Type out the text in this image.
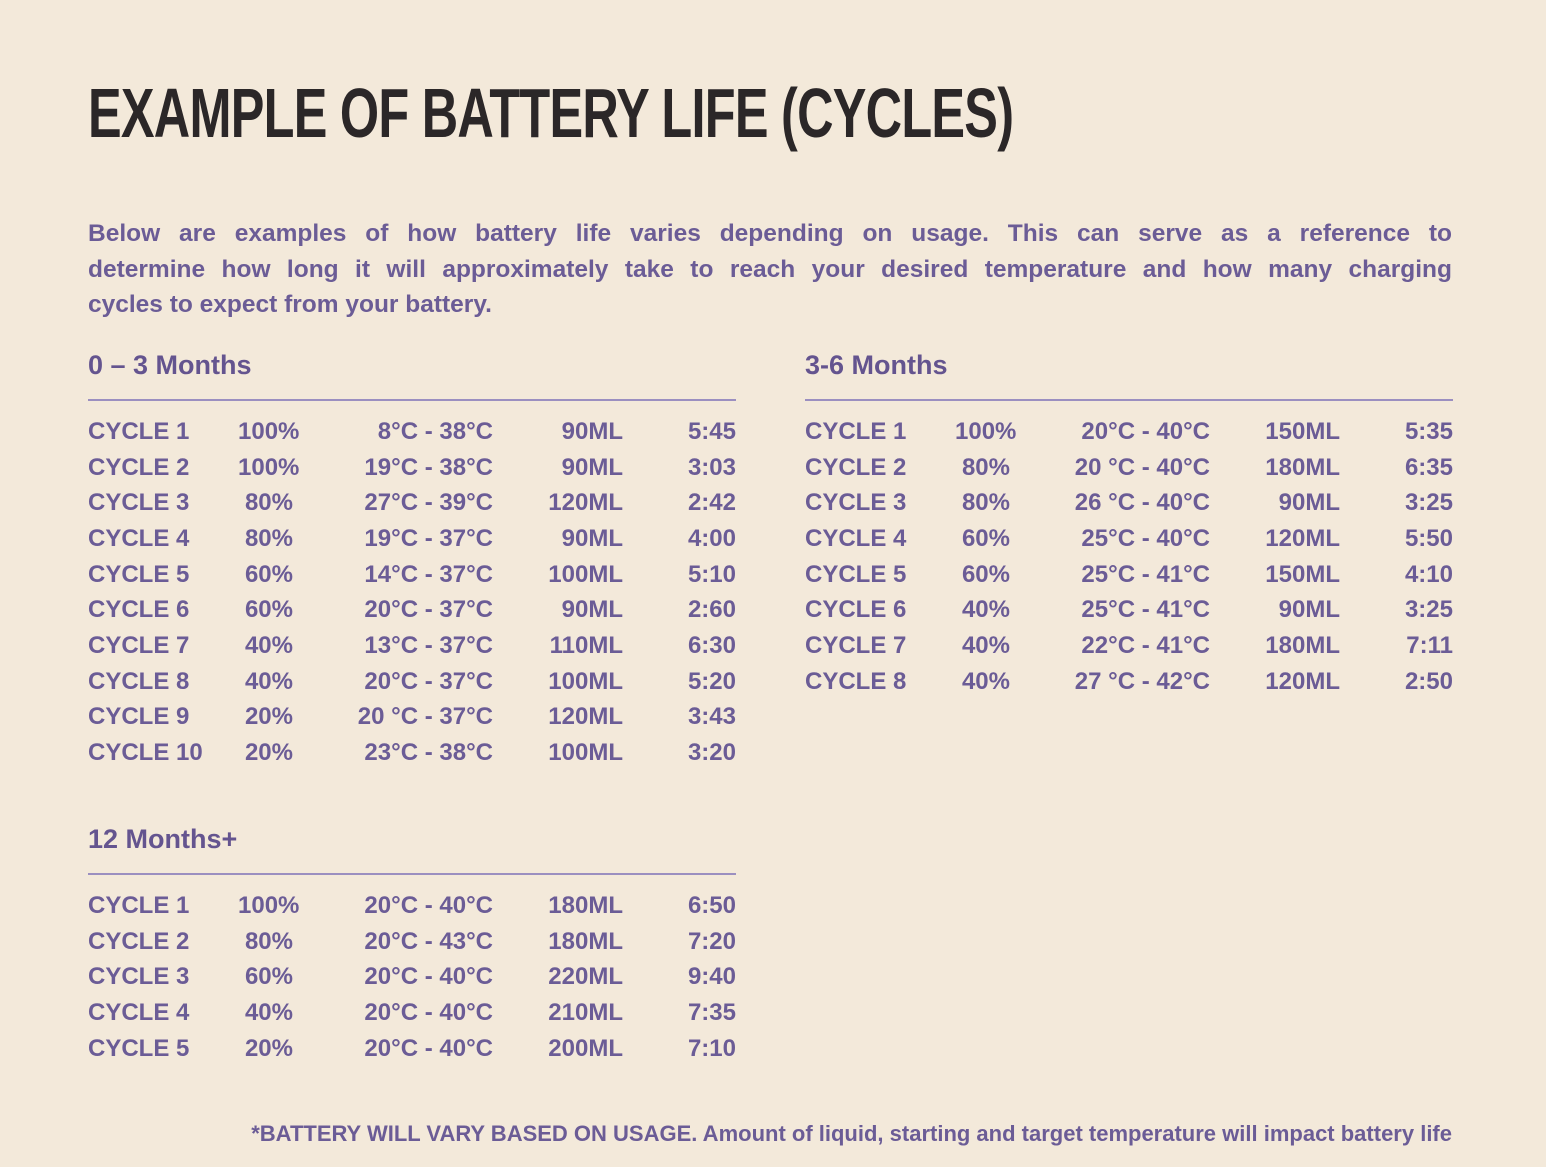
EXAMPLE OF BATTERY LIFE (CYCLES)
Below are examples of how battery life varies depending on usage. This can serve as a reference to
determine how long it will approximately take to reach your desired temperature and how many charging
cycles to expect from your battery.
0 – 3 Months
CYCLE 1	100%	8°C - 38°C	90ML	5:45
CYCLE 2	100%	19°C - 38°C	90ML	3:03
CYCLE 3	80%	27°C - 39°C	120ML	2:42
CYCLE 4	80%	19°C - 37°C	90ML	4:00
CYCLE 5	60%	14°C - 37°C	100ML	5:10
CYCLE 6	60%	20°C - 37°C	90ML	2:60
CYCLE 7	40%	13°C - 37°C	110ML	6:30
CYCLE 8	40%	20°C - 37°C	100ML	5:20
CYCLE 9	20%	20 °C - 37°C	120ML	3:43
CYCLE 10	20%	23°C - 38°C	100ML	3:20
3-6 Months
CYCLE 1	100%	20°C - 40°C	150ML	5:35
CYCLE 2	80%	20 °C - 40°C	180ML	6:35
CYCLE 3	80%	26 °C - 40°C	90ML	3:25
CYCLE 4	60%	25°C - 40°C	120ML	5:50
CYCLE 5	60%	25°C - 41°C	150ML	4:10
CYCLE 6	40%	25°C - 41°C	90ML	3:25
CYCLE 7	40%	22°C - 41°C	180ML	7:11
CYCLE 8	40%	27 °C - 42°C	120ML	2:50
12 Months+
CYCLE 1	100%	20°C - 40°C	180ML	6:50
CYCLE 2	80%	20°C - 43°C	180ML	7:20
CYCLE 3	60%	20°C - 40°C	220ML	9:40
CYCLE 4	40%	20°C - 40°C	210ML	7:35
CYCLE 5	20%	20°C - 40°C	200ML	7:10
*BATTERY WILL VARY BASED ON USAGE. Amount of liquid, starting and target temperature will impact battery life
